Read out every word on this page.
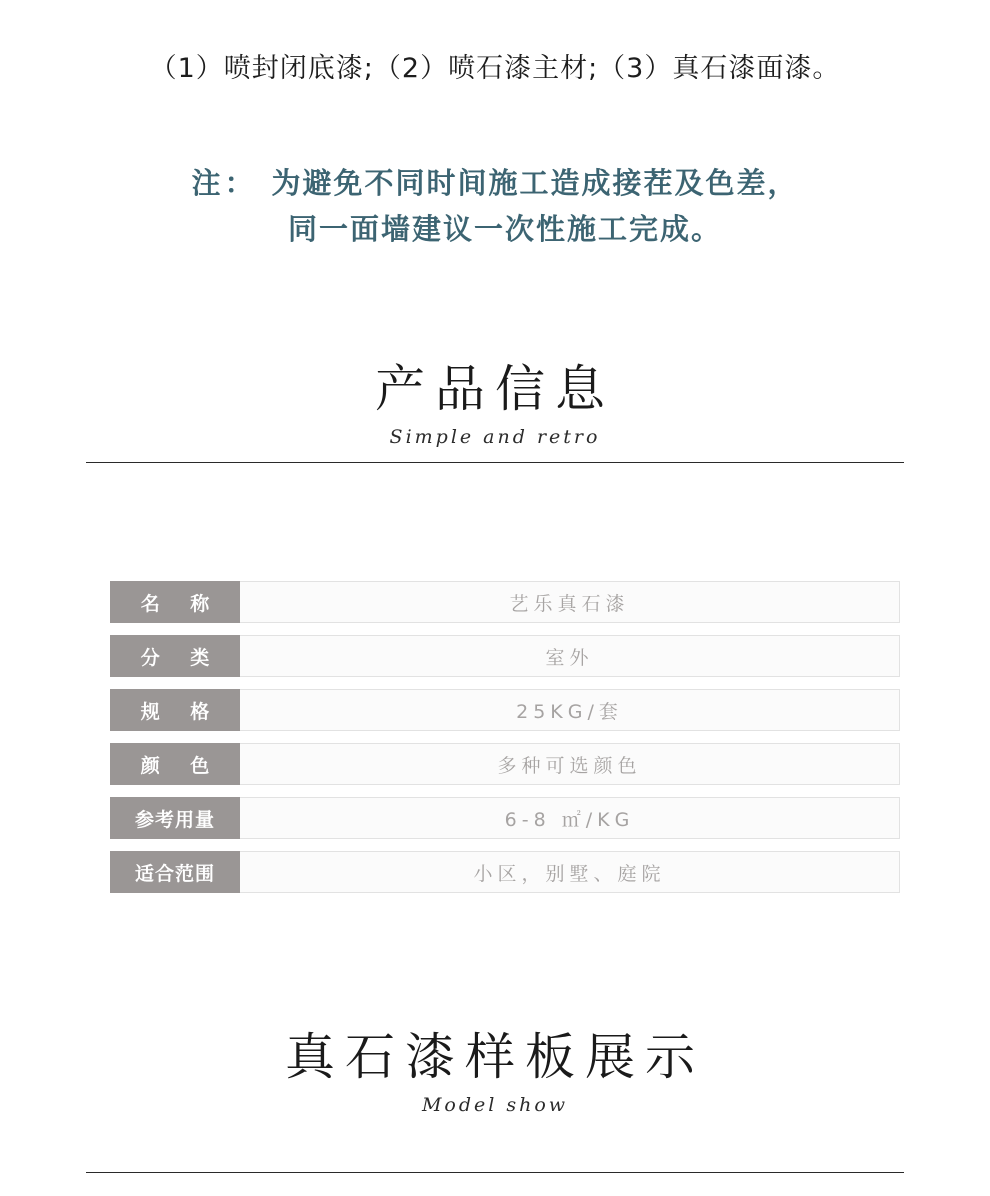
（1）喷封闭底漆;（2）喷石漆主材;（3）真石漆面漆。
注： 为避免不同时间施工造成接茬及色差，
同一面墙建议一次性施工完成。
产品信息
Simple and retro
名 称	艺乐真石漆
分 类	室外
规 格	25KG/套
颜 色	多种可选颜色
参考用量	6-8 ㎡/KG
适合范围	小区，别墅、庭院
真石漆样板展示
Model show
